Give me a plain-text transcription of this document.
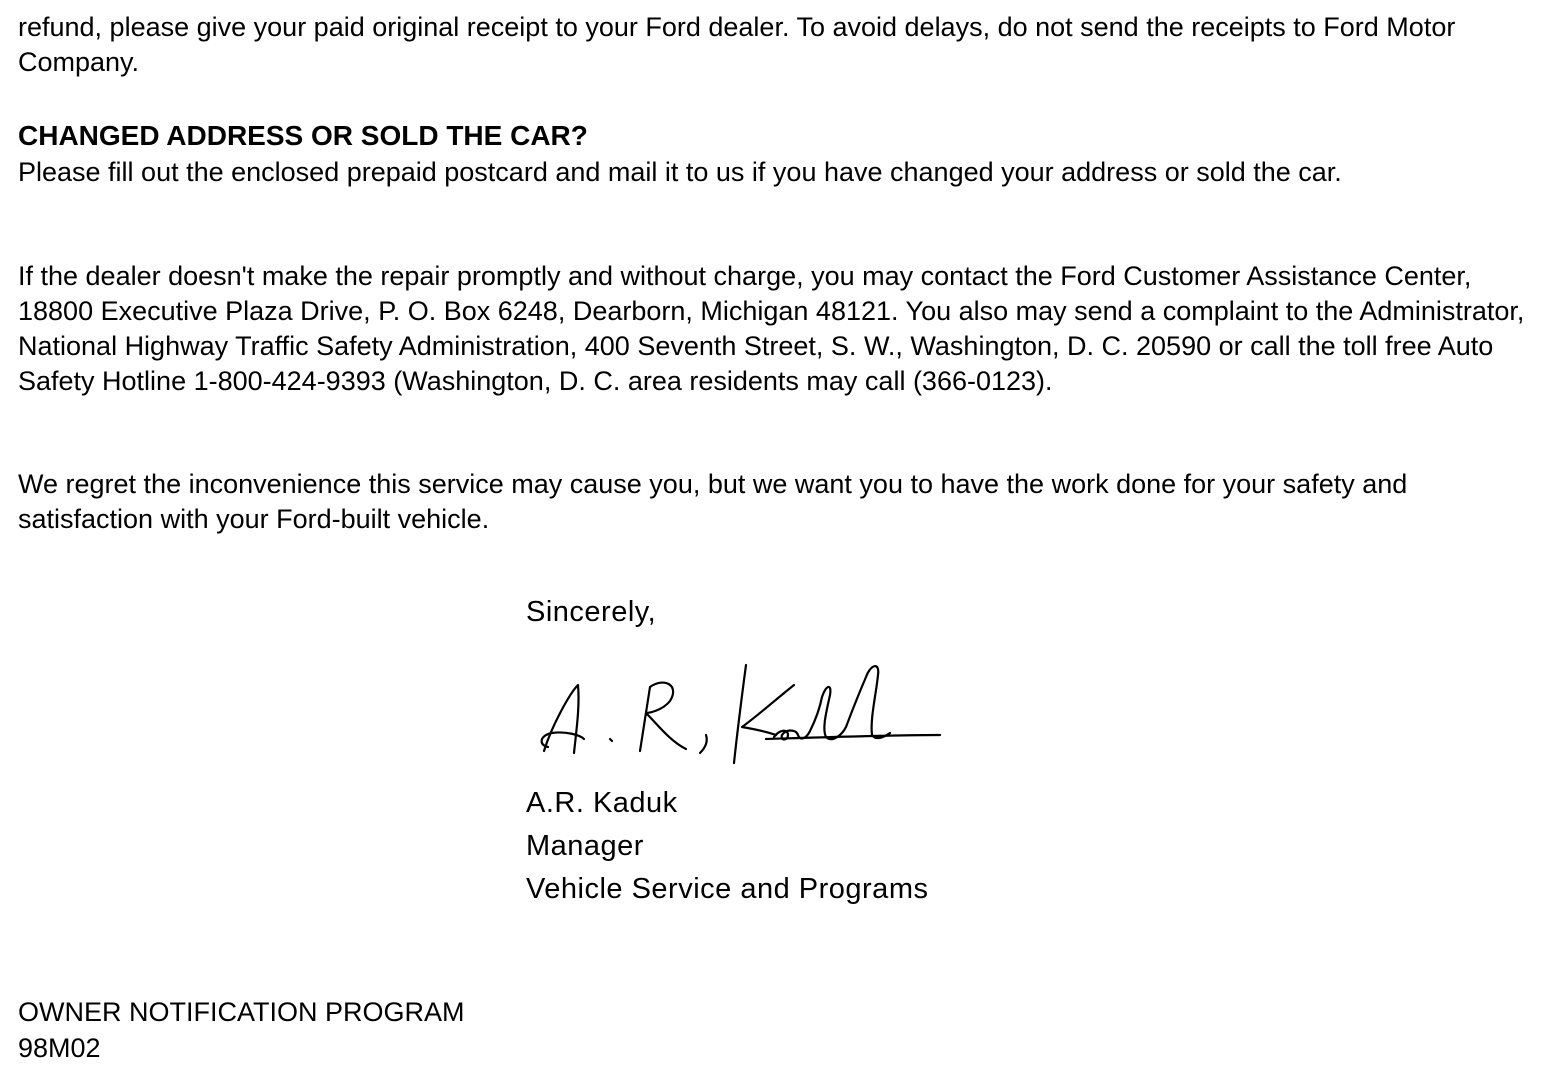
refund, please give your paid original receipt to your Ford dealer. To avoid delays, do not send the receipts to Ford Motor Company.

CHANGED ADDRESS OR SOLD THE CAR?

Please fill out the enclosed prepaid postcard and mail it to us if you have changed your address or sold the car.

If the dealer doesn't make the repair promptly and without charge, you may contact the Ford Customer Assistance Center, 18800 Executive Plaza Drive, P. O. Box 6248, Dearborn, Michigan 48121. You also may send a complaint to the Administrator, National Highway Traffic Safety Administration, 400 Seventh Street, S. W., Washington, D. C. 20590 or call the toll free Auto Safety Hotline 1-800-424-9393 (Washington, D. C. area residents may call (366-0123).

We regret the inconvenience this service may cause you, but we want you to have the work done for your safety and satisfaction with your Ford-built vehicle.

Sincerely,
A.R. Kaduk
Manager
Vehicle Service and Programs
OWNER NOTIFICATION PROGRAM
98M02
